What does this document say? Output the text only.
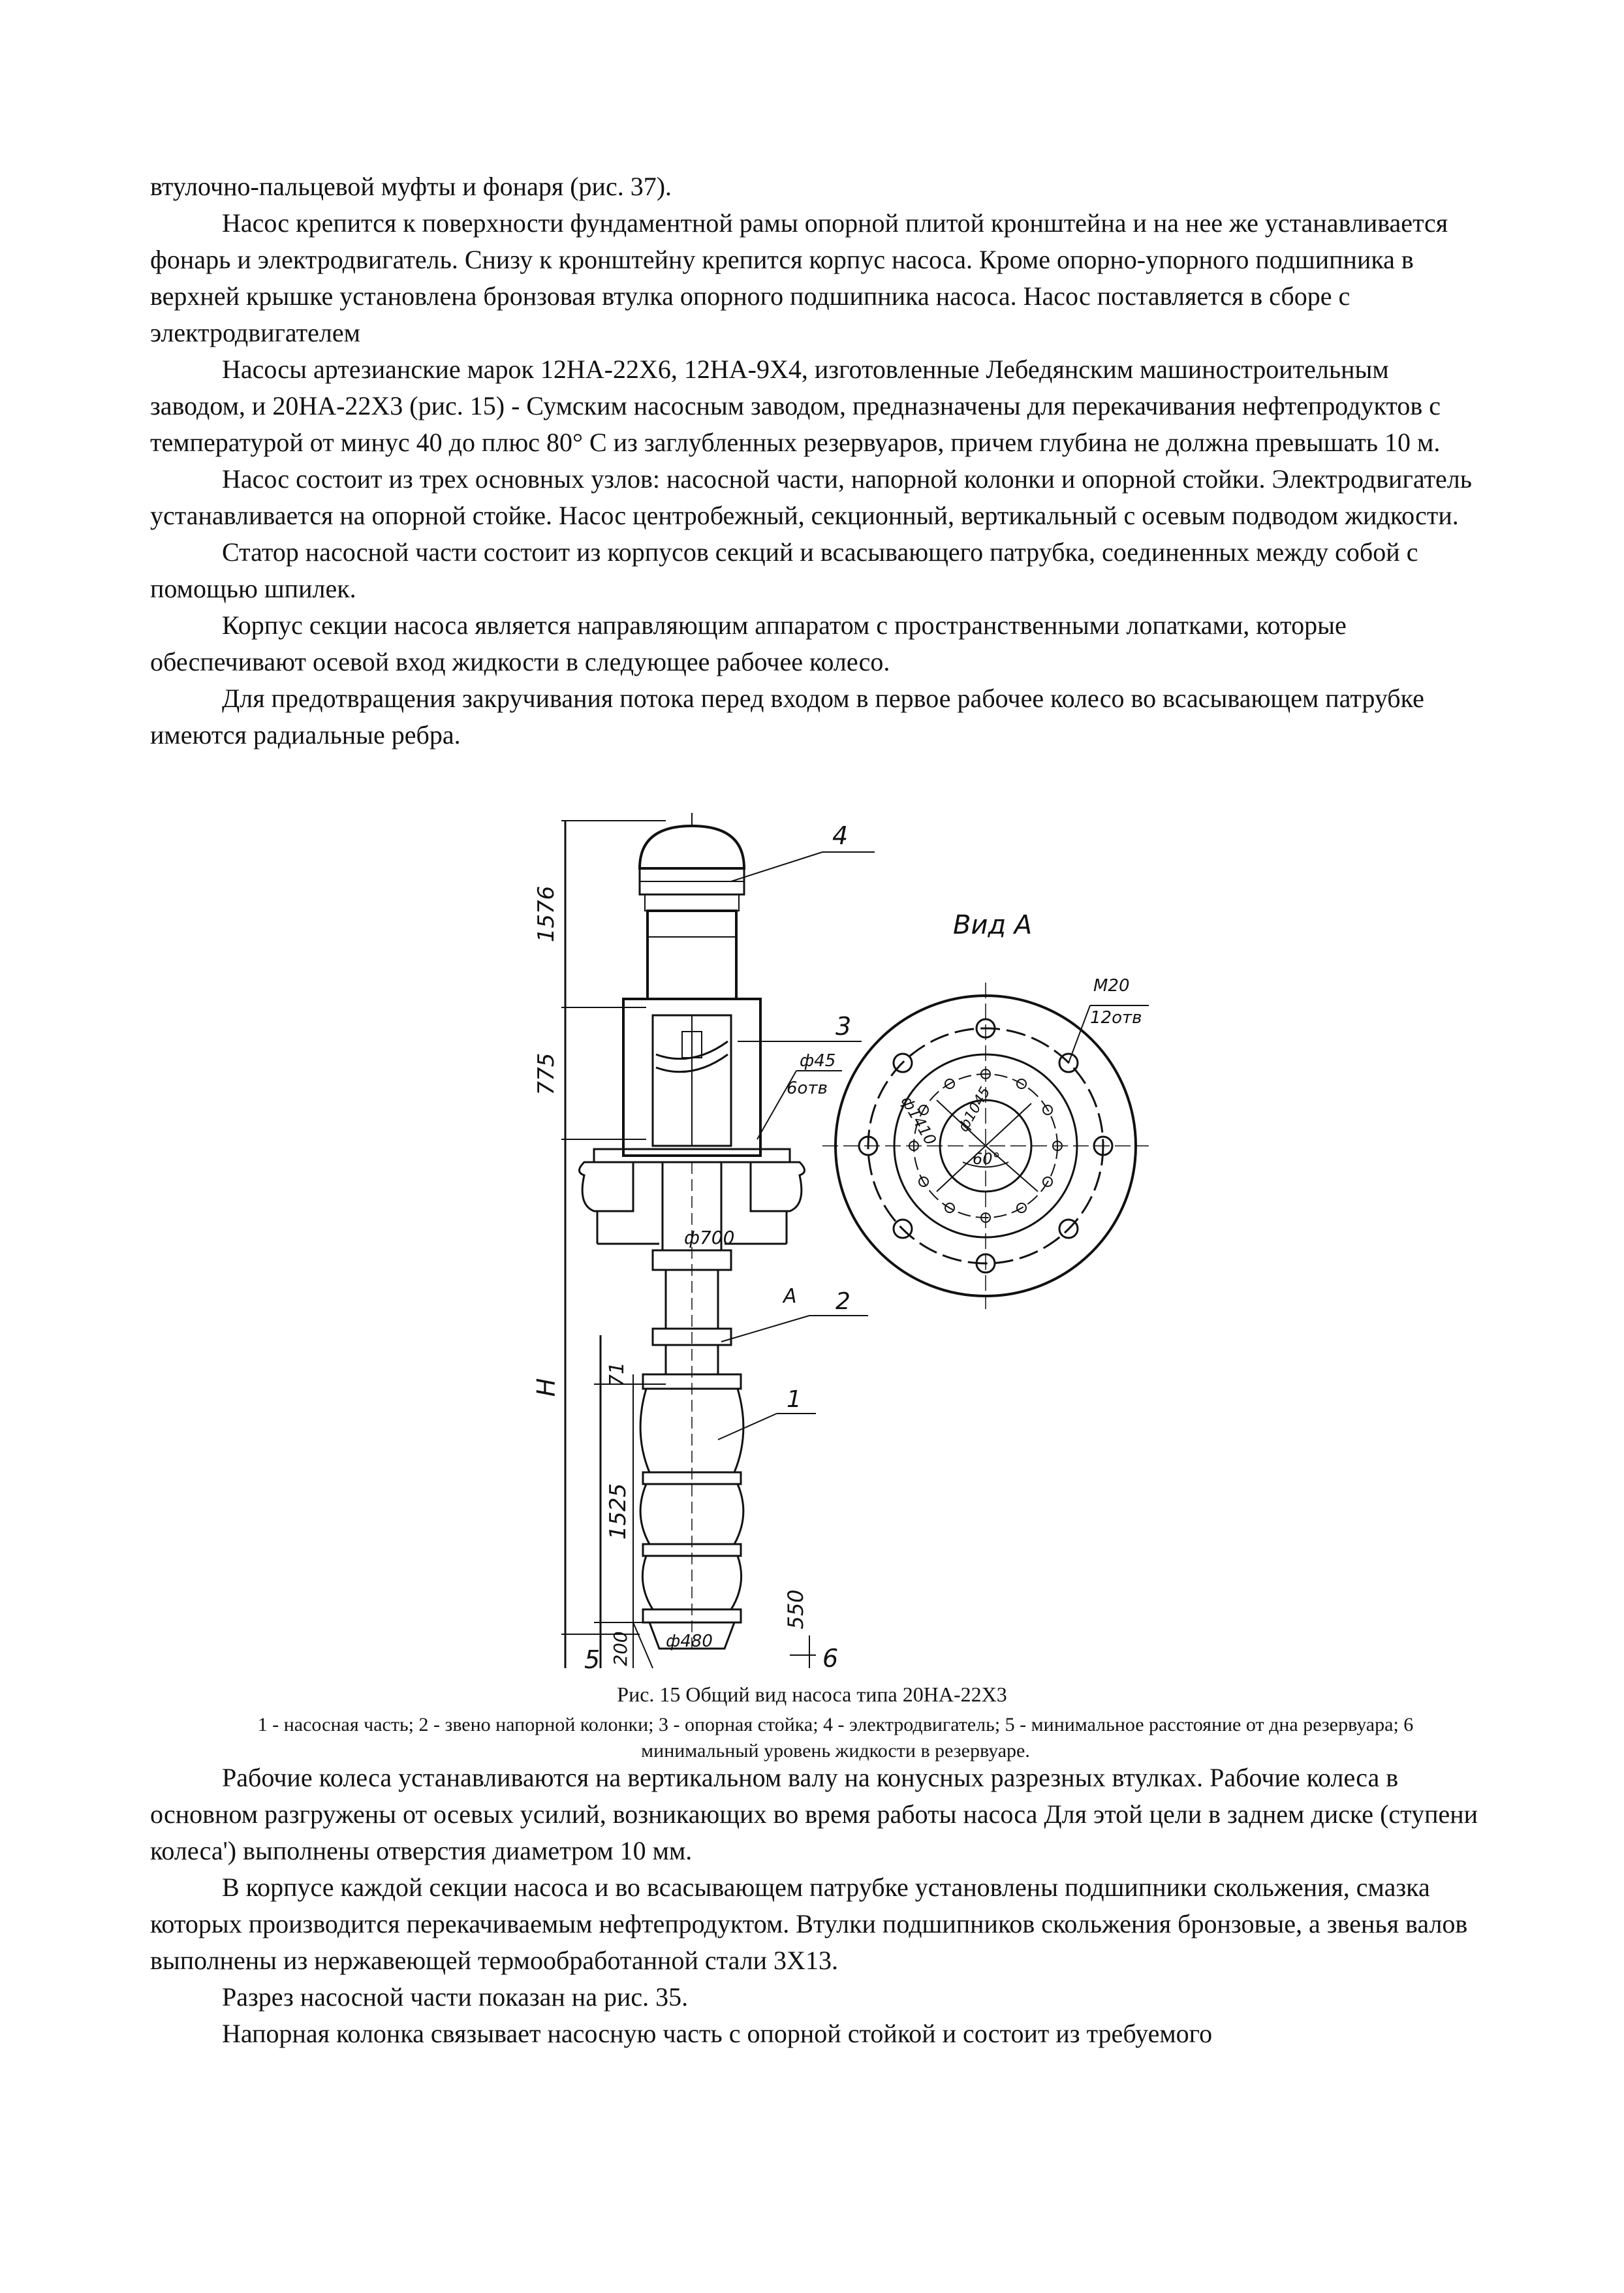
втулочно-пальцевой муфты и фонаря (рис. 37).

Насос крепится к поверхности фундаментной рамы опорной плитой кронштейна и на нее же устанавливается фонарь и электродвигатель. Снизу к кронштейну крепится корпус насоса. Кроме опорно-упорного подшипника в верхней крышке установлена бронзовая втулка опорного подшипника насоса. Насос поставляется в сборе с электродвигателем

Насосы артезианские марок 12НА-22Х6, 12НА-9Х4, изготовленные Лебедянским машиностроительным заводом, и 20НА-22Х3 (рис. 15) - Сумским насосным заводом, предназначены для перекачивания нефтепродуктов с температурой от минус 40 до плюс 80° С из заглубленных резервуаров, причем глубина не должна превышать 10 м.

Насос состоит из трех основных узлов: насосной части, напорной колонки и опорной стойки. Электродвигатель устанавливается на опорной стойке. Насос центробежный, секционный, вертикальный с осевым подводом жидкости.

Статор насосной части состоит из корпусов секций и всасывающего патрубка, соединенных между собой с помощью шпилек.

Корпус секции насоса является направляющим аппаратом с пространственными лопатками, которые обеспечивают осевой вход жидкости в следующее рабочее колесо.

Для предотвращения закручивания потока перед входом в первое рабочее колесо во всасывающем патрубке имеются радиальные ребра.

1576
775
H
71
1525
550
200
ф700
ф480
4
3
ф45
6отв
2
А
1
5	6
Вид А
60°
ф1410 ф1045
М20
12отв
Рис. 15 Общий вид насоса типа 20НА-22Х3
1 - насосная часть; 2 - звено напорной колонки; 3 - опорная стойка; 4 - электродвигатель; 5 - минимальное расстояние от дна резервуара; 6 минимальный уровень жидкости в резервуаре.

Рабочие колеса устанавливаются на вертикальном валу на конусных разрезных втулках. Рабочие колеса в основном разгружены от осевых усилий, возникающих во время работы насоса Для этой цели в заднем диске (ступени колеса') выполнены отверстия диаметром 10 мм.

В корпусе каждой секции насоса и во всасывающем патрубке установлены подшипники скольжения, смазка которых производится перекачиваемым нефтепродуктом. Втулки подшипников скольжения бронзовые, а звенья валов выполнены из нержавеющей термообработанной стали 3Х13.

Разрез насосной части показан на рис. 35.

Напорная колонка связывает насосную часть с опорной стойкой и состоит из требуемого
